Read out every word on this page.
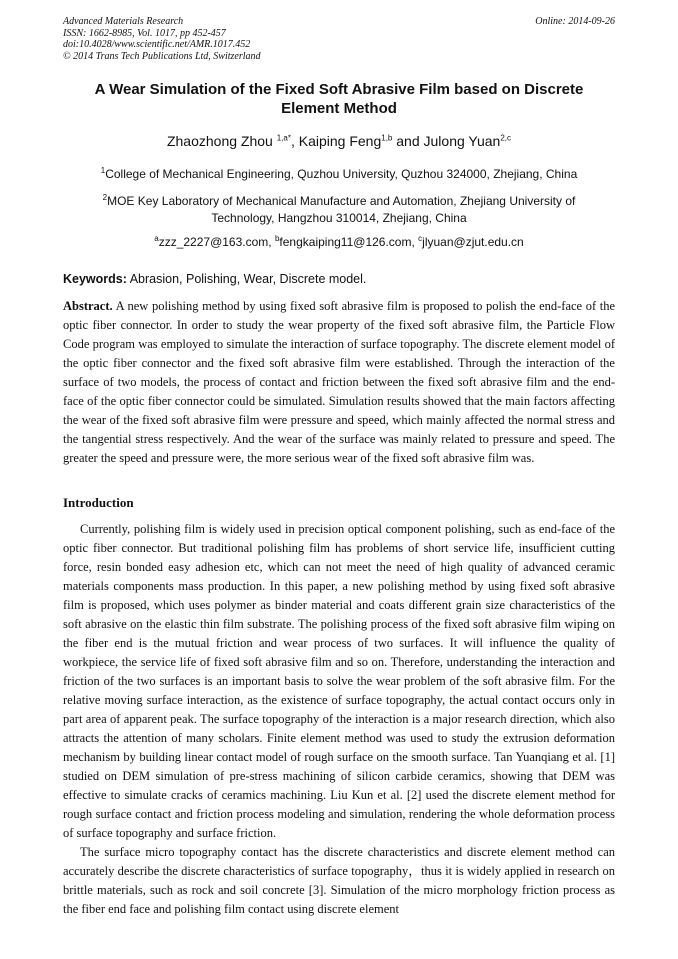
Advanced Materials Research
ISSN: 1662-8985, Vol. 1017, pp 452-457
doi:10.4028/www.scientific.net/AMR.1017.452
© 2014 Trans Tech Publications Ltd, Switzerland
Online: 2014-09-26
A Wear Simulation of the Fixed Soft Abrasive Film based on Discrete Element Method
Zhaozhong Zhou $^{1,a*}$, Kaiping Feng$^{1,b}$ and Julong Yuan$^{2,c}$
$^1$College of Mechanical Engineering, Quzhou University, Quzhou 324000, Zhejiang, China
$^2$MOE Key Laboratory of Mechanical Manufacture and Automation, Zhejiang University of Technology, Hangzhou 310014, Zhejiang, China
$^a$zzz_2227@163.com, $^b$fengkaiping11@126.com, $^c$jlyuan@zjut.edu.cn
Keywords: Abrasion, Polishing, Wear, Discrete model.
Abstract. A new polishing method by using fixed soft abrasive film is proposed to polish the end-face of the optic fiber connector. In order to study the wear property of the fixed soft abrasive film, the Particle Flow Code program was employed to simulate the interaction of surface topography. The discrete element model of the optic fiber connector and the fixed soft abrasive film were established. Through the interaction of the surface of two models, the process of contact and friction between the fixed soft abrasive film and the end-face of the optic fiber connector could be simulated. Simulation results showed that the main factors affecting the wear of the fixed soft abrasive film were pressure and speed, which mainly affected the normal stress and the tangential stress respectively. And the wear of the surface was mainly related to pressure and speed. The greater the speed and pressure were, the more serious wear of the fixed soft abrasive film was.
Introduction
Currently, polishing film is widely used in precision optical component polishing, such as end-face of the optic fiber connector. But traditional polishing film has problems of short service life, insufficient cutting force, resin bonded easy adhesion etc, which can not meet the need of high quality of advanced ceramic materials components mass production. In this paper, a new polishing method by using fixed soft abrasive film is proposed, which uses polymer as binder material and coats different grain size characteristics of the soft abrasive on the elastic thin film substrate. The polishing process of the fixed soft abrasive film wiping on the fiber end is the mutual friction and wear process of two surfaces. It will influence the quality of workpiece, the service life of fixed soft abrasive film and so on. Therefore, understanding the interaction and friction of the two surfaces is an important basis to solve the wear problem of the soft abrasive film. For the relative moving surface interaction, as the existence of surface topography, the actual contact occurs only in part area of apparent peak. The surface topography of the interaction is a major research direction, which also attracts the attention of many scholars. Finite element method was used to study the extrusion deformation mechanism by building linear contact model of rough surface on the smooth surface. Tan Yuanqiang et al. [1] studied on DEM simulation of pre-stress machining of silicon carbide ceramics, showing that DEM was effective to simulate cracks of ceramics machining. Liu Kun et al. [2] used the discrete element method for rough surface contact and friction process modeling and simulation, rendering the whole deformation process of surface topography and surface friction.
The surface micro topography contact has the discrete characteristics and discrete element method can accurately describe the discrete characteristics of surface topography，thus it is widely applied in research on brittle materials, such as rock and soil concrete [3]. Simulation of the micro morphology friction process as the fiber end face and polishing film contact using discrete element
